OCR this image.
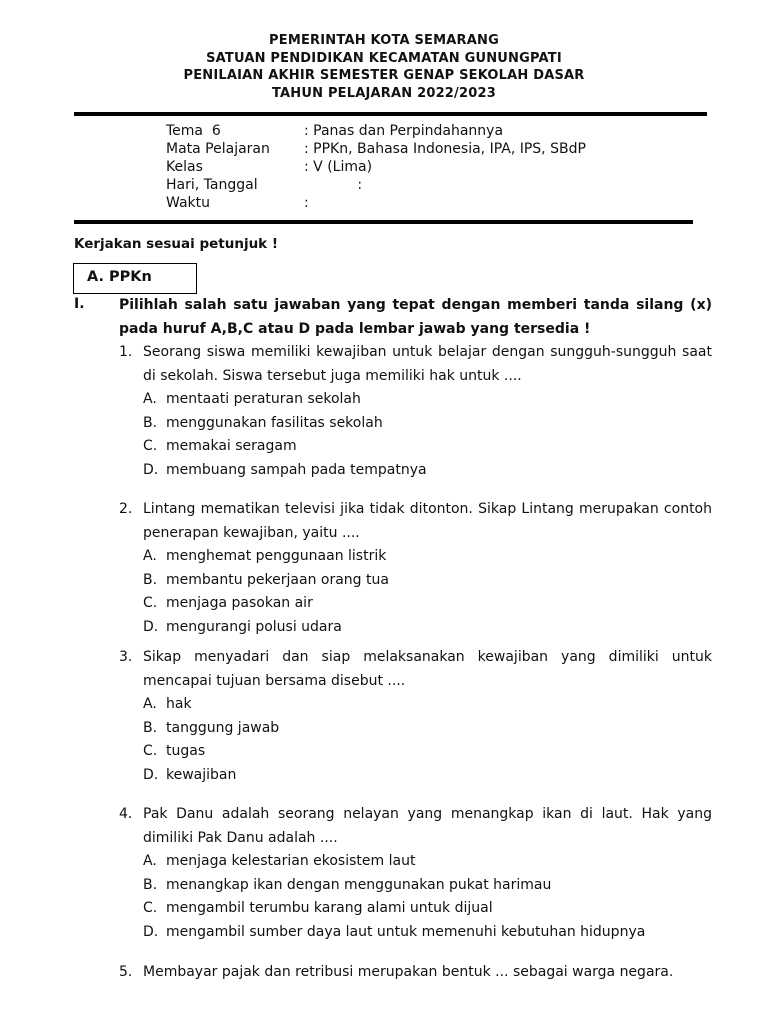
PEMERINTAH KOTA SEMARANG
SATUAN PENDIDIKAN KECAMATAN GUNUNGPATI
PENILAIAN AKHIR SEMESTER GENAP SEKOLAH DASAR
TAHUN PELAJARAN 2022/2023
Tema  6	: Panas dan Perpindahannya
Mata Pelajaran : PPKn, Bahasa Indonesia, IPA, IPS, SBdP
Kelas	: V (Lima)
Hari, Tanggal	:
Waktu	:
Kerjakan sesuai petunjuk !
A. PPKn
I. Pilihlah salah satu jawaban yang tepat dengan memberi tanda silang (x) pada huruf A,B,C atau D pada lembar jawab yang tersedia !
1. Seorang siswa memiliki kewajiban untuk belajar dengan sungguh-sungguh saat di sekolah. Siswa tersebut juga memiliki hak untuk ....
A. mentaati peraturan sekolah
B. menggunakan fasilitas sekolah
C. memakai seragam
D. membuang sampah pada tempatnya
2. Lintang mematikan televisi jika tidak ditonton. Sikap Lintang merupakan contoh penerapan kewajiban, yaitu ....
A. menghemat penggunaan listrik
B. membantu pekerjaan orang tua
C. menjaga pasokan air
D. mengurangi polusi udara
3. Sikap menyadari dan siap melaksanakan kewajiban yang dimiliki untuk mencapai tujuan bersama disebut ....
A. hak
B. tanggung jawab
C. tugas
D. kewajiban
4. Pak Danu adalah seorang nelayan yang menangkap ikan di laut. Hak yang dimiliki Pak Danu adalah ....
A. menjaga kelestarian ekosistem laut
B. menangkap ikan dengan menggunakan pukat harimau
C. mengambil terumbu karang alami untuk dijual
D. mengambil sumber daya laut untuk memenuhi kebutuhan hidupnya
5. Membayar pajak dan retribusi merupakan bentuk ... sebagai warga negara.
